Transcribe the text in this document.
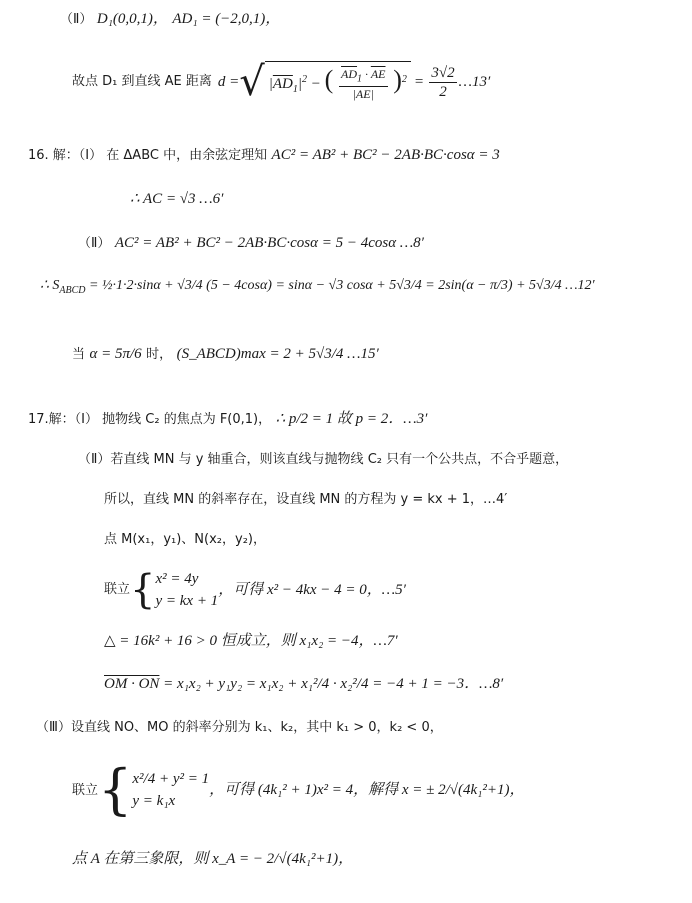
（Ⅱ） D₁(0,0,1)， AD₁ = (−2,0,1)，
故点 D₁ 到直线 AE 距离 d = √ $|\overline{AD}_1|^2$ − ( $\frac{\overline{AD}_1 \cdot \overline{AE}}{|\overline{AE}|} )^2 = \frac{3√2}{2}$ …13′
16. 解：（Ⅰ） 在 ΔABC 中，由余弦定理知 AC² = AB² + BC² − 2AB·BC·cosα = 3
∴ AC = √3 …6′
（Ⅱ） AC² = AB² + BC² − 2AB·BC·cosα = 5 − 4cosα …8′
∴ $S_{ABCD}$ = ½·1·2·sinα + √3/4 (5 − 4cosα) = sinα − √3 cosα + 5√3/4 = 2sin(α − π/3) + 5√3/4 …12′
当 α = 5π/6 时， (S_ABCD)max = 2 + 5√3/4 …15′
17.解：（Ⅰ） 抛物线 C₂ 的焦点为 F(0,1)， ∴ p/2 = 1 故 p = 2．…3′
（Ⅱ）若直线 MN 与 y 轴重合，则该直线与抛物线 C₂ 只有一个公共点，不合乎题意，
所以，直线 MN 的斜率存在，设直线 MN 的方程为 y = kx + 1，…4′
点 M(x₁，y₁)、N(x₂，y₂)，
联立 { x² = 4y
y = kx + 1
，可得 x² − 4kx − 4 = 0，…5′
△ = 16k² + 16 > 0 恒成立，则 x₁x₂ = −4，…7′
OM · ON = x₁x₂ + y₁y₂ = x₁x₂ + x₁²/4 · x₂²/4 = −4 + 1 = −3．…8′
（Ⅲ）设直线 NO、MO 的斜率分别为 k₁、k₂，其中 k₁ > 0，k₂ < 0，
联立 { x²/4 + y² = 1
y = k₁x
，可得 (4k₁² + 1)x² = 4，解得 x = ± 2/√(4k₁²+1)，
点 A 在第三象限，则 x_A = − 2/√(4k₁²+1)，
